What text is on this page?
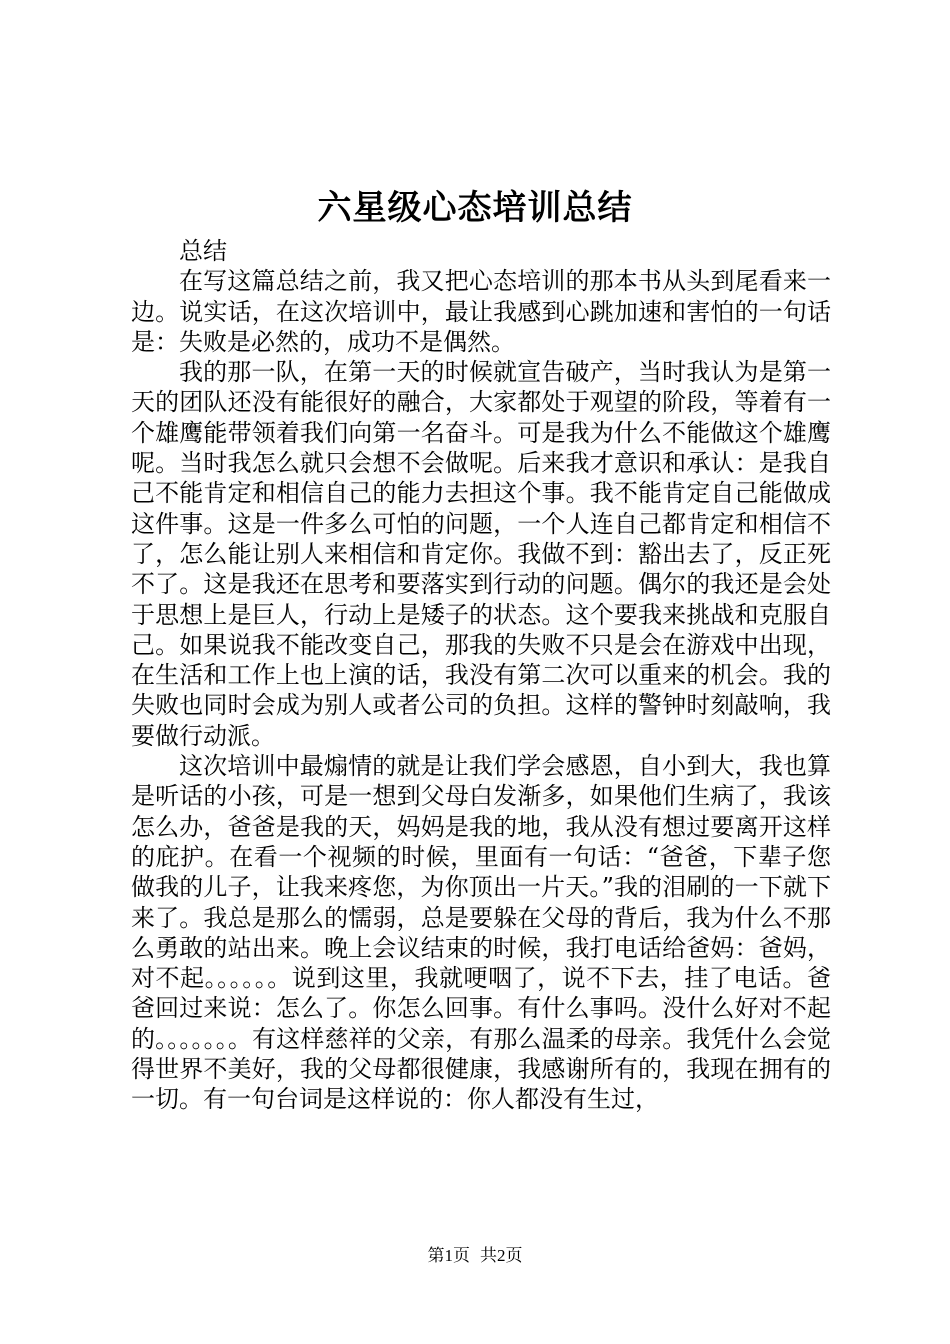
六星级心态培训总结

总结

在写这篇总结之前，我又把心态培训的那本书从头到尾看来一边。说实话，在这次培训中，最让我感到心跳加速和害怕的一句话是：失败是必然的，成功不是偶然。

我的那一队，在第一天的时候就宣告破产，当时我认为是第一天的团队还没有能很好的融合，大家都处于观望的阶段，等着有一个雄鹰能带领着我们向第一名奋斗。可是我为什么不能做这个雄鹰呢。当时我怎么就只会想不会做呢。后来我才意识和承认：是我自己不能肯定和相信自己的能力去担这个事。我不能肯定自己能做成这件事。这是一件多么可怕的问题，一个人连自己都肯定和相信不了，怎么能让别人来相信和肯定你。我做不到：豁出去了，反正死不了。这是我还在思考和要落实到行动的问题。偶尔的我还是会处于思想上是巨人，行动上是矮子的状态。这个要我来挑战和克服自己。如果说我不能改变自己，那我的失败不只是会在游戏中出现，在生活和工作上也上演的话，我没有第二次可以重来的机会。我的失败也同时会成为别人或者公司的负担。这样的警钟时刻敲响，我要做行动派。

这次培训中最煽情的就是让我们学会感恩，自小到大，我也算是听话的小孩，可是一想到父母白发渐多，如果他们生病了，我该怎么办，爸爸是我的天，妈妈是我的地，我从没有想过要离开这样的庇护。在看一个视频的时候，里面有一句话：“爸爸，下辈子您做我的儿子，让我来疼您，为你顶出一片天。”我的泪刷的一下就下来了。我总是那么的懦弱，总是要躲在父母的背后，我为什么不那么勇敢的站出来。晚上会议结束的时候，我打电话给爸妈：爸妈，对不起。。。。。。说到这里，我就哽咽了，说不下去，挂了电话。爸爸回过来说：怎么了。你怎么回事。有什么事吗。没什么好对不起的。。。。。。。有这样慈祥的父亲，有那么温柔的母亲。我凭什么会觉得世界不美好，我的父母都很健康，我感谢所有的，我现在拥有的一切。有一句台词是这样说的：你人都没有生过，

第1页 共2页
